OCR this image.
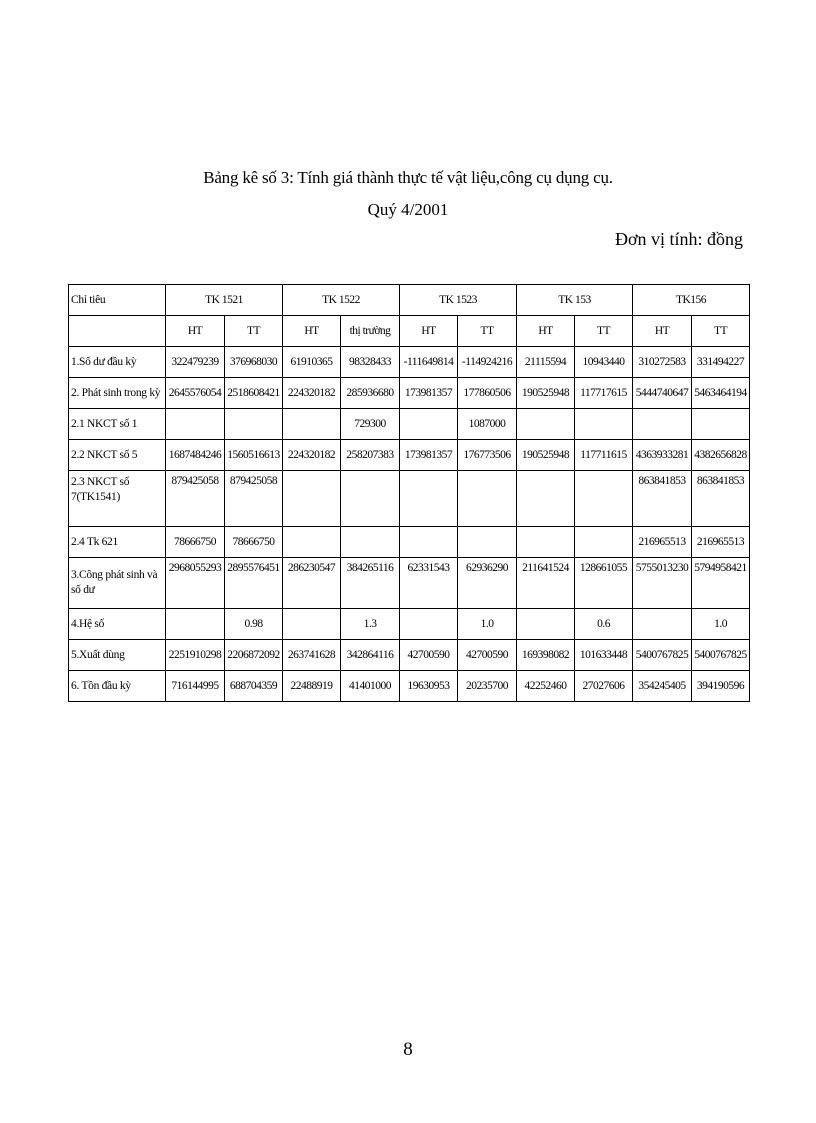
Bảng kê số 3: Tính giá thành thực tế vật liệu,công cụ dụng cụ.
Quý 4/2001
Đơn vị tính: đồng
Chỉ tiêu	TK 1521		TK 1522		TK 1523		TK 153		TK156	
	HT	TT	HT	thị trường	HT	TT	HT	TT	HT	TT
1.Số dư đầu kỳ	322479239	376968030	61910365	98328433	-111649814	-114924216	21115594	10943440	310272583	331494227
2. Phát sinh trong kỳ	2645576054	2518608421	224320182	285936680	173981357	177860506	190525948	117717615	5444740647	5463464194
2.1 NKCT số 1				729300		1087000				
2.2 NKCT số 5	1687484246	1560516613	224320182	258207383	173981357	176773506	190525948	117711615	4363933281	4382656828
2.3 NKCT số 7(TK1541)	879425058	879425058							863841853	863841853
2.4 Tk 621	78666750	78666750							216965513	216965513
3.Công phát sinh và số dư	2968055293	2895576451	286230547	384265116	62331543	62936290	211641524	128661055	5755013230	5794958421
4.Hệ số		0.98		1.3		1.0		0.6		1.0
5.Xuất dùng	2251910298	2206872092	263741628	342864116	42700590	42700590	169398082	101633448	5400767825	5400767825
6. Tồn đầu kỳ	716144995	688704359	22488919	41401000	19630953	20235700	42252460	27027606	354245405	394190596
8
